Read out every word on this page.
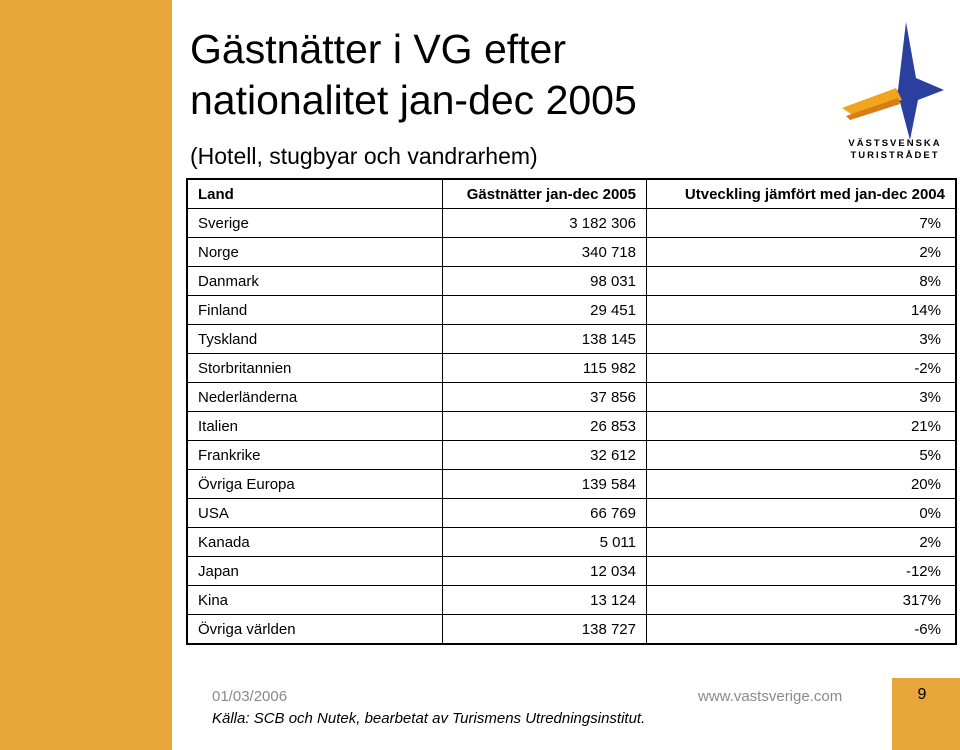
Gästnätter i VG efter
nationalitet jan-dec 2005
(Hotell, stugbyar och vandrarhem)	VÄSTSVENSKA
TURISTRÅDET
Land	Gästnätter jan-dec 2005	Utveckling jämfört med jan-dec 2004
Sverige	3 182 306	7%
Norge	340 718	2%
Danmark	98 031	8%
Finland	29 451	14%
Tyskland	138 145	3%
Storbritannien	115 982	-2%
Nederländerna	37 856	3%
Italien	26 853	21%
Frankrike	32 612	5%
Övriga Europa	139 584	20%
USA	66 769	0%
Kanada	5 011	2%
Japan	12 034	-12%
Kina	13 124	317%
Övriga världen	138 727	-6%
01/03/2006	www.vastsverige.com
Källa: SCB och Nutek, bearbetat av Turismens Utredningsinstitut.
9
